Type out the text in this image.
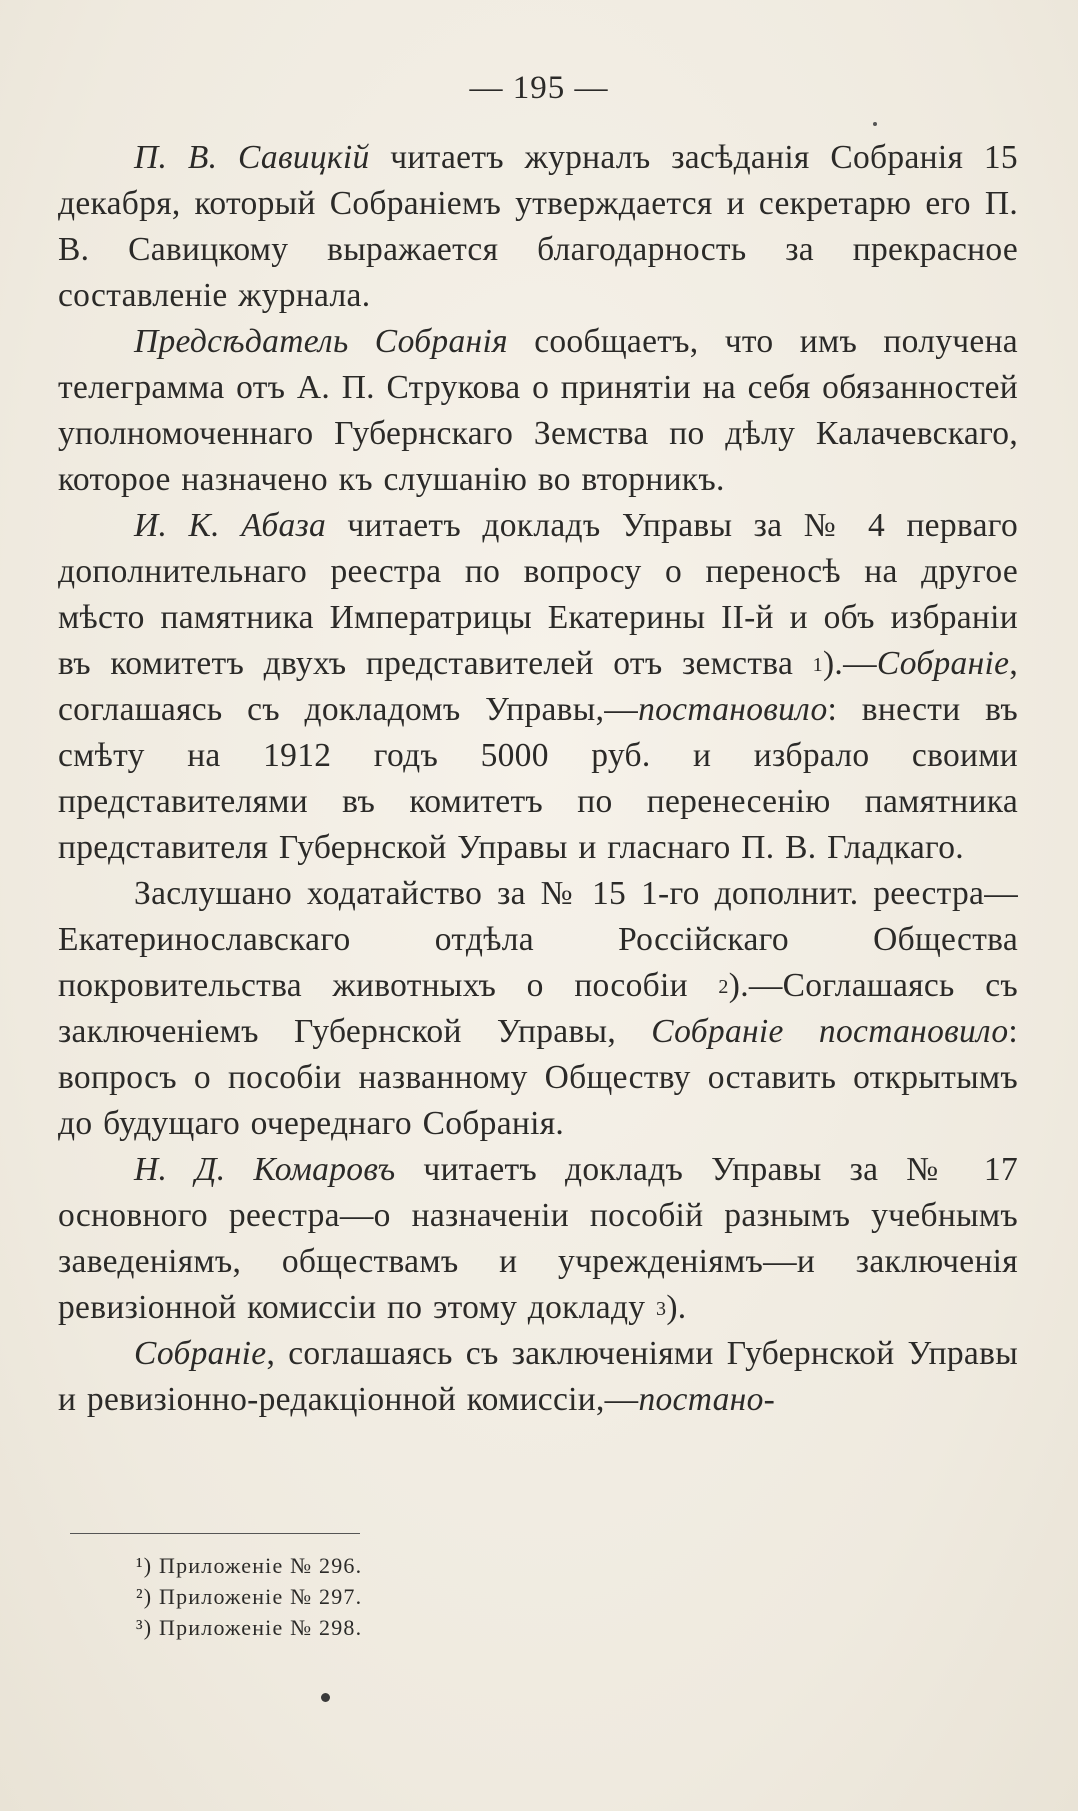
— 195 —

П. В. Савицкій читаетъ журналъ засѣданія Собранія 15 декабря, который Собраніемъ утверждается и секретарю его П. В. Савицкому выражается благодарность за прекрасное составленіе журнала.

Предсѣдатель Собранія сообщаетъ, что имъ получена телеграмма отъ А. П. Струкова о принятіи на себя обязанностей уполномоченнаго Губернскаго Земства по дѣлу Калачевскаго, которое назначено къ слушанію во вторникъ.

И. К. Абаза читаетъ докладъ Управы за № 4 перваго дополнительнаго реестра по вопросу о переносѣ на другое мѣсто памятника Императрицы Екатерины II-й и объ избраніи въ комитетъ двухъ представителей отъ земства $^1$).—Собраніе, соглашаясь съ докладомъ Управы,—постановило: внести въ смѣту на 1912 годъ 5000 руб. и избрало своими представителями въ комитетъ по перенесенію памятника представителя Губернской Управы и гласнаго П. В. Гладкаго.

Заслушано ходатайство за № 15 1-го дополнит. реестра—Екатеринославскаго отдѣла Россійскаго Общества покровительства животныхъ о пособіи $^2$).—Соглашаясь съ заключеніемъ Губернской Управы, Собраніе постановило: вопросъ о пособіи названному Обществу оставить открытымъ до будущаго очереднаго Собранія.

Н. Д. Комаровъ читаетъ докладъ Управы за № 17 основного реестра—о назначеніи пособій разнымъ учебнымъ заведеніямъ, обществамъ и учрежденіямъ—и заключенія ревизіонной комиссіи по этому докладу $^3$).

Собраніе, соглашаясь съ заключеніями Губернской Управы и ревизіонно-редакціонной комиссіи,—постано-

¹) Приложеніе № 296.
²) Приложеніе № 297.
³) Приложеніе № 298.
